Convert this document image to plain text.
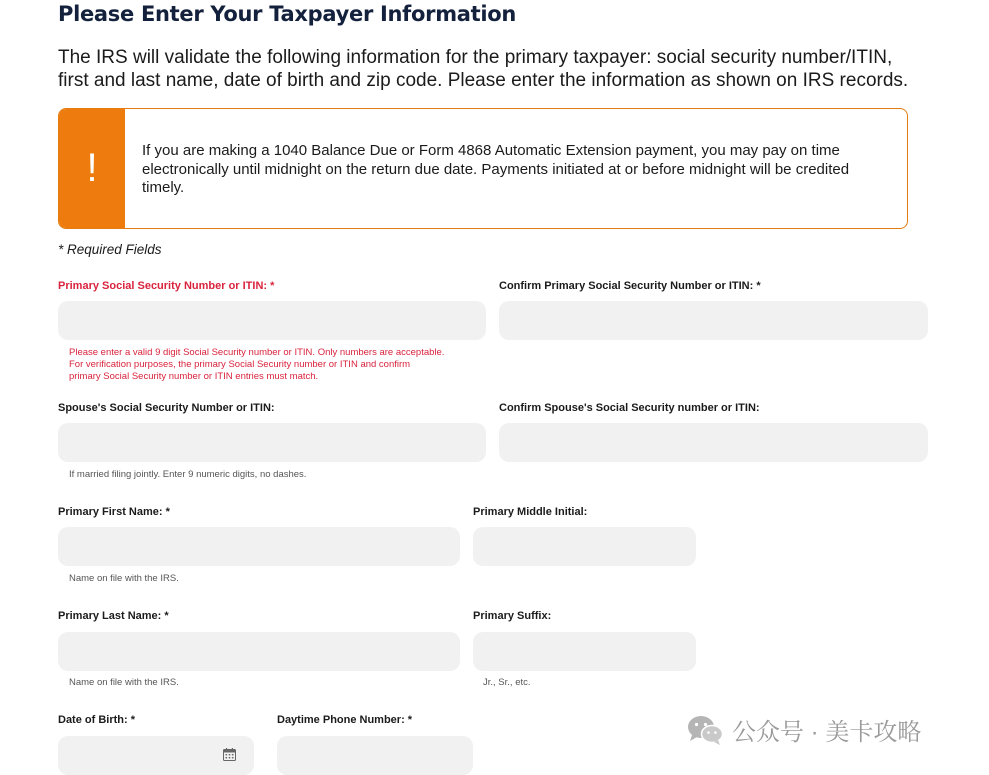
Please Enter Your Taxpayer Information

The IRS will validate the following information for the primary taxpayer: social security number/ITIN, first and last name, date of birth and zip code. Please enter the information as shown on IRS records.

!	If you are making a 1040 Balance Due or Form 4868 Automatic Extension payment, you may pay on time electronically until midnight on the return due date. Payments initiated at or before midnight will be credited timely.
* Required Fields
Primary Social Security Number or ITIN: *
Please enter a valid 9 digit Social Security number or ITIN. Only numbers are acceptable.
For verification purposes, the primary Social Security number or ITIN and confirm
primary Social Security number or ITIN entries must match.
Confirm Primary Social Security Number or ITIN: *
Spouse's Social Security Number or ITIN:
If married filing jointly. Enter 9 numeric digits, no dashes.
Confirm Spouse's Social Security number or ITIN:
Primary First Name: *
Name on file with the IRS.
Primary Middle Initial:
Primary Last Name: *
Name on file with the IRS.
Primary Suffix:
Jr., Sr., etc.
Date of Birth: *	Daytime Phone Number: *	公众号 · 美卡攻略
